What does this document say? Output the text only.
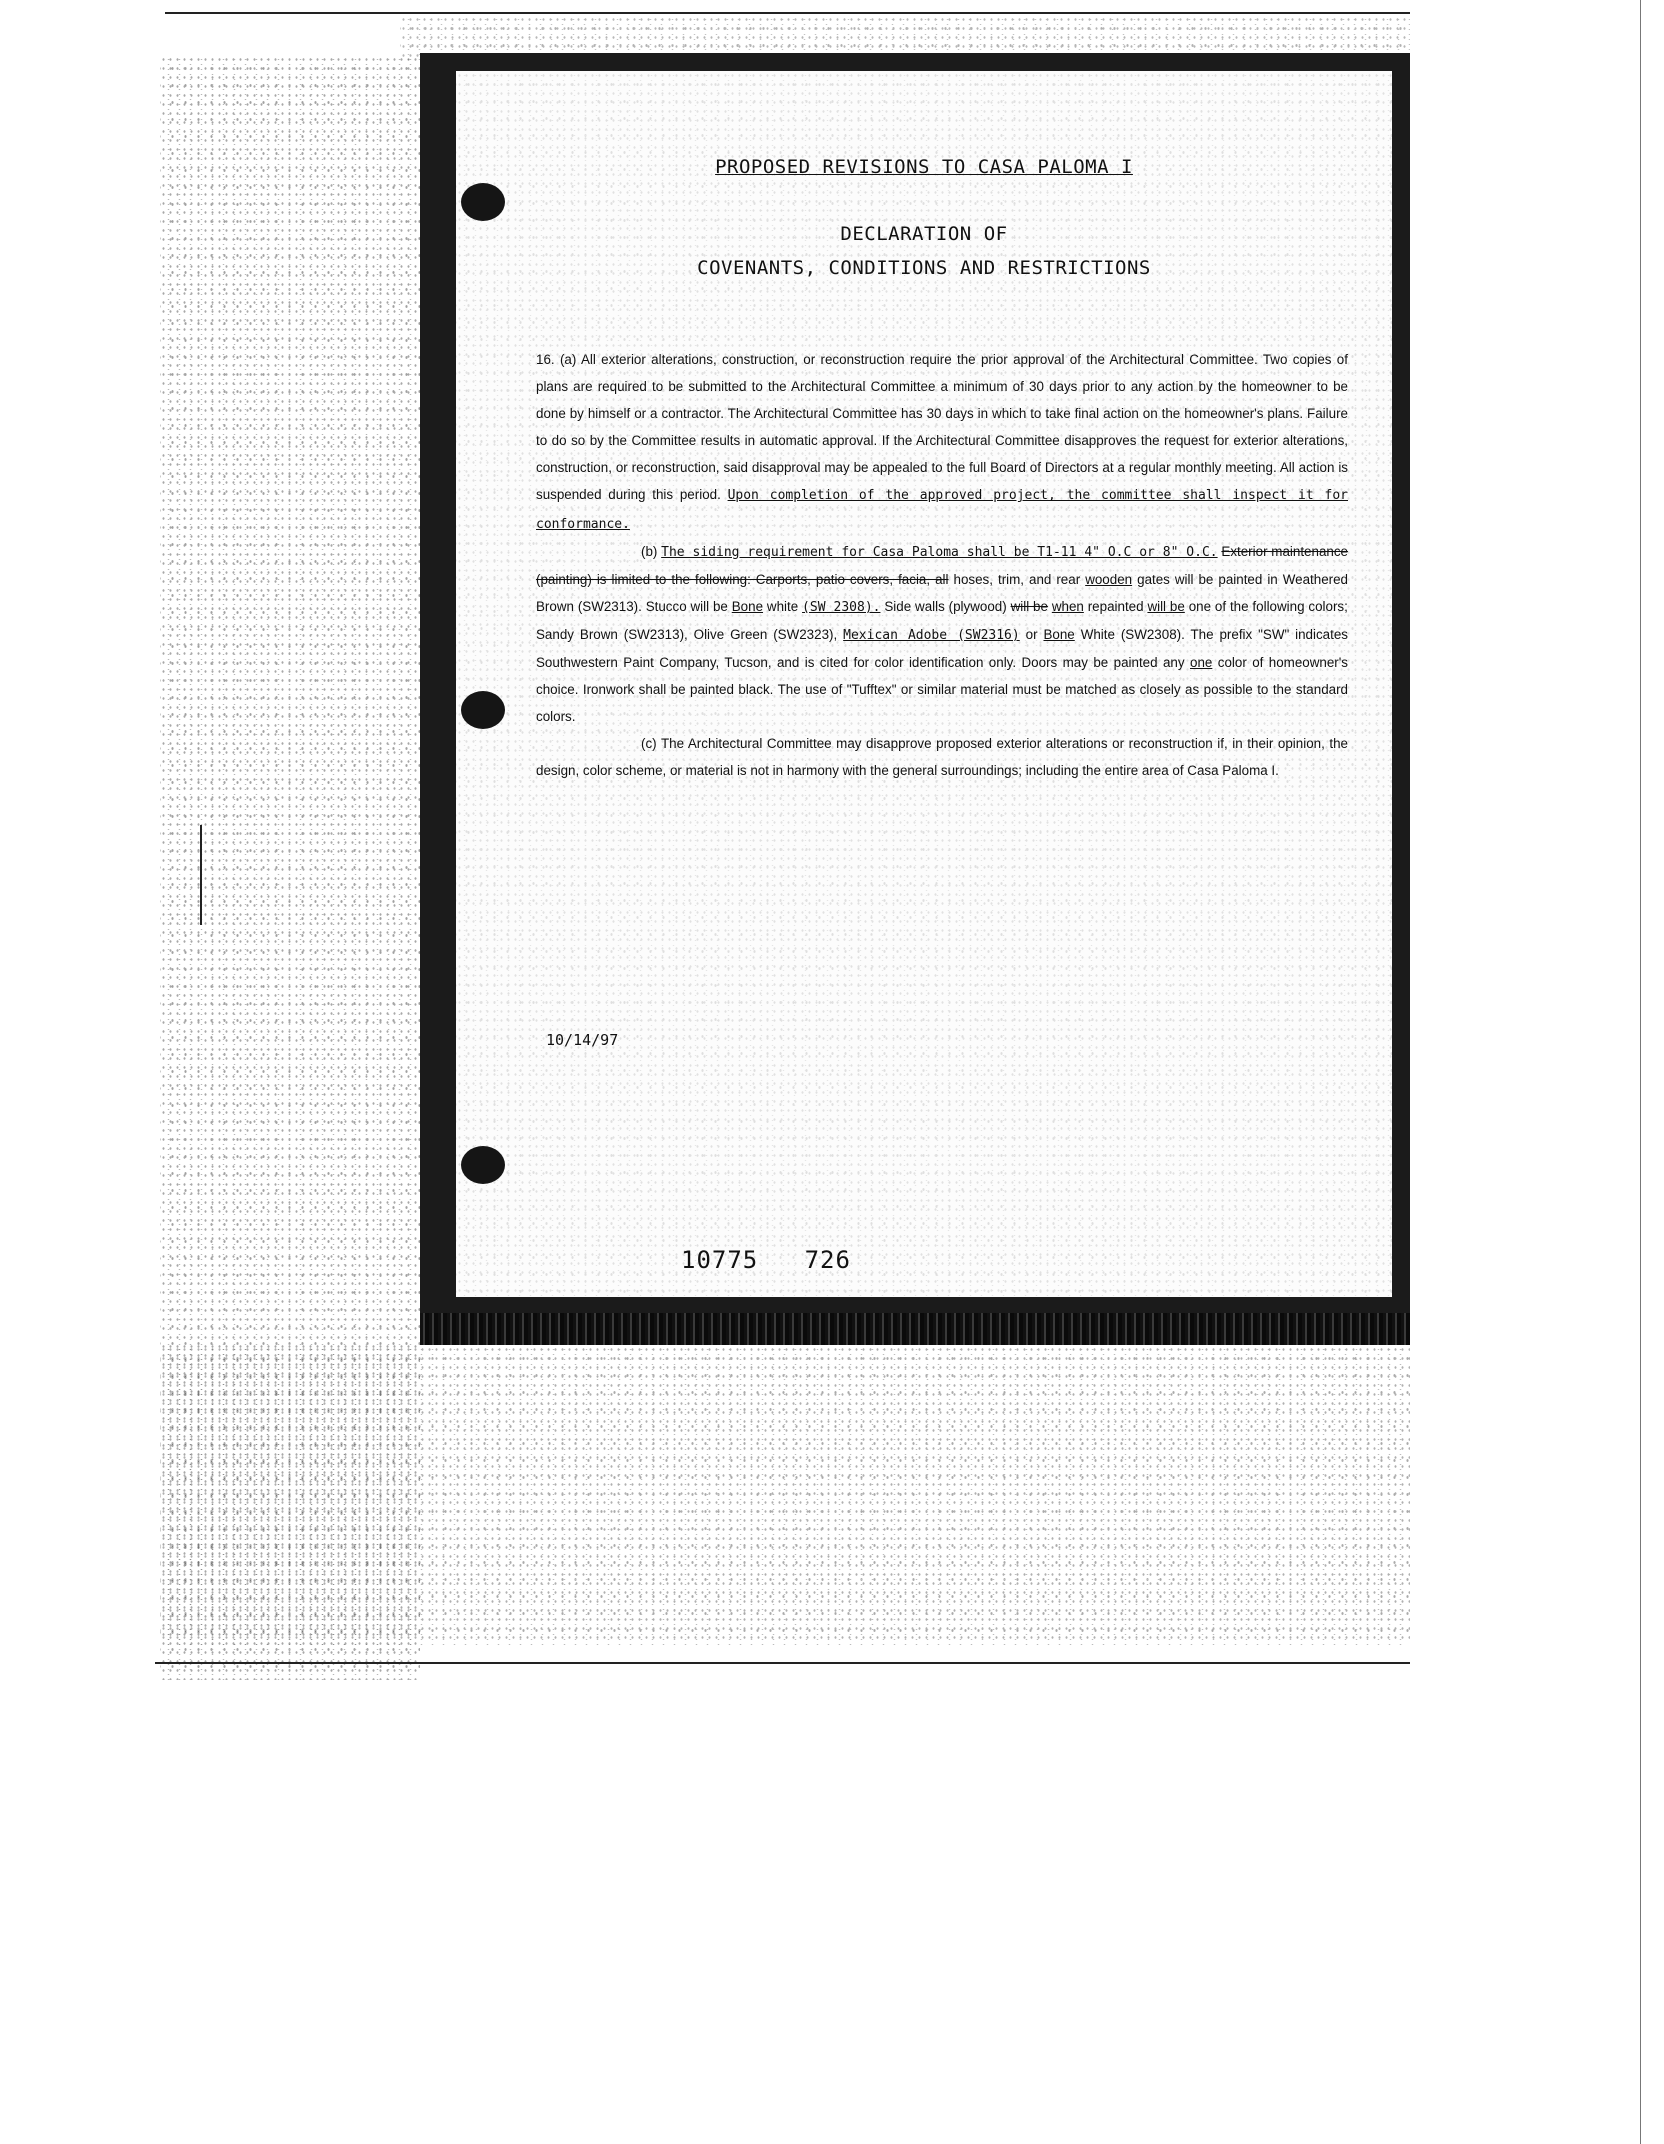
PROPOSED REVISIONS TO CASA PALOMA I
DECLARATION OF
COVENANTS, CONDITIONS AND RESTRICTIONS

16. (a) All exterior alterations, construction, or reconstruction require the prior approval of the Architectural Committee. Two copies of plans are required to be submitted to the Architectural Committee a minimum of 30 days prior to any action by the homeowner to be done by himself or a contractor. The Architectural Committee has 30 days in which to take final action on the homeowner's plans. Failure to do so by the Committee results in automatic approval. If the Architectural Committee disapproves the request for exterior alterations, construction, or reconstruction, said disapproval may be appealed to the full Board of Directors at a regular monthly meeting. All action is suspended during this period. Upon completion of the approved project, the committee shall inspect it for conformance.

(b) The siding requirement for Casa Paloma shall be T1-11 4" O.C or 8" O.C. Exterior maintenance (painting) is limited to the following: Carports, patio covers, facia, all hoses, trim, and rear wooden gates will be painted in Weathered Brown (SW2313). Stucco will be Bone white (SW 2308). Side walls (plywood) will be when repainted will be one of the following colors; Sandy Brown (SW2313), Olive Green (SW2323), Mexican Adobe (SW2316) or Bone White (SW2308). The prefix "SW" indicates Southwestern Paint Company, Tucson, and is cited for color identification only. Doors may be painted any one color of homeowner's choice. Ironwork shall be painted black. The use of "Tufftex" or similar material must be matched as closely as possible to the standard colors.

(c) The Architectural Committee may disapprove proposed exterior alterations or reconstruction if, in their opinion, the design, color scheme, or material is not in harmony with the general surroundings; including the entire area of Casa Paloma I.

10/14/97
10775   726
